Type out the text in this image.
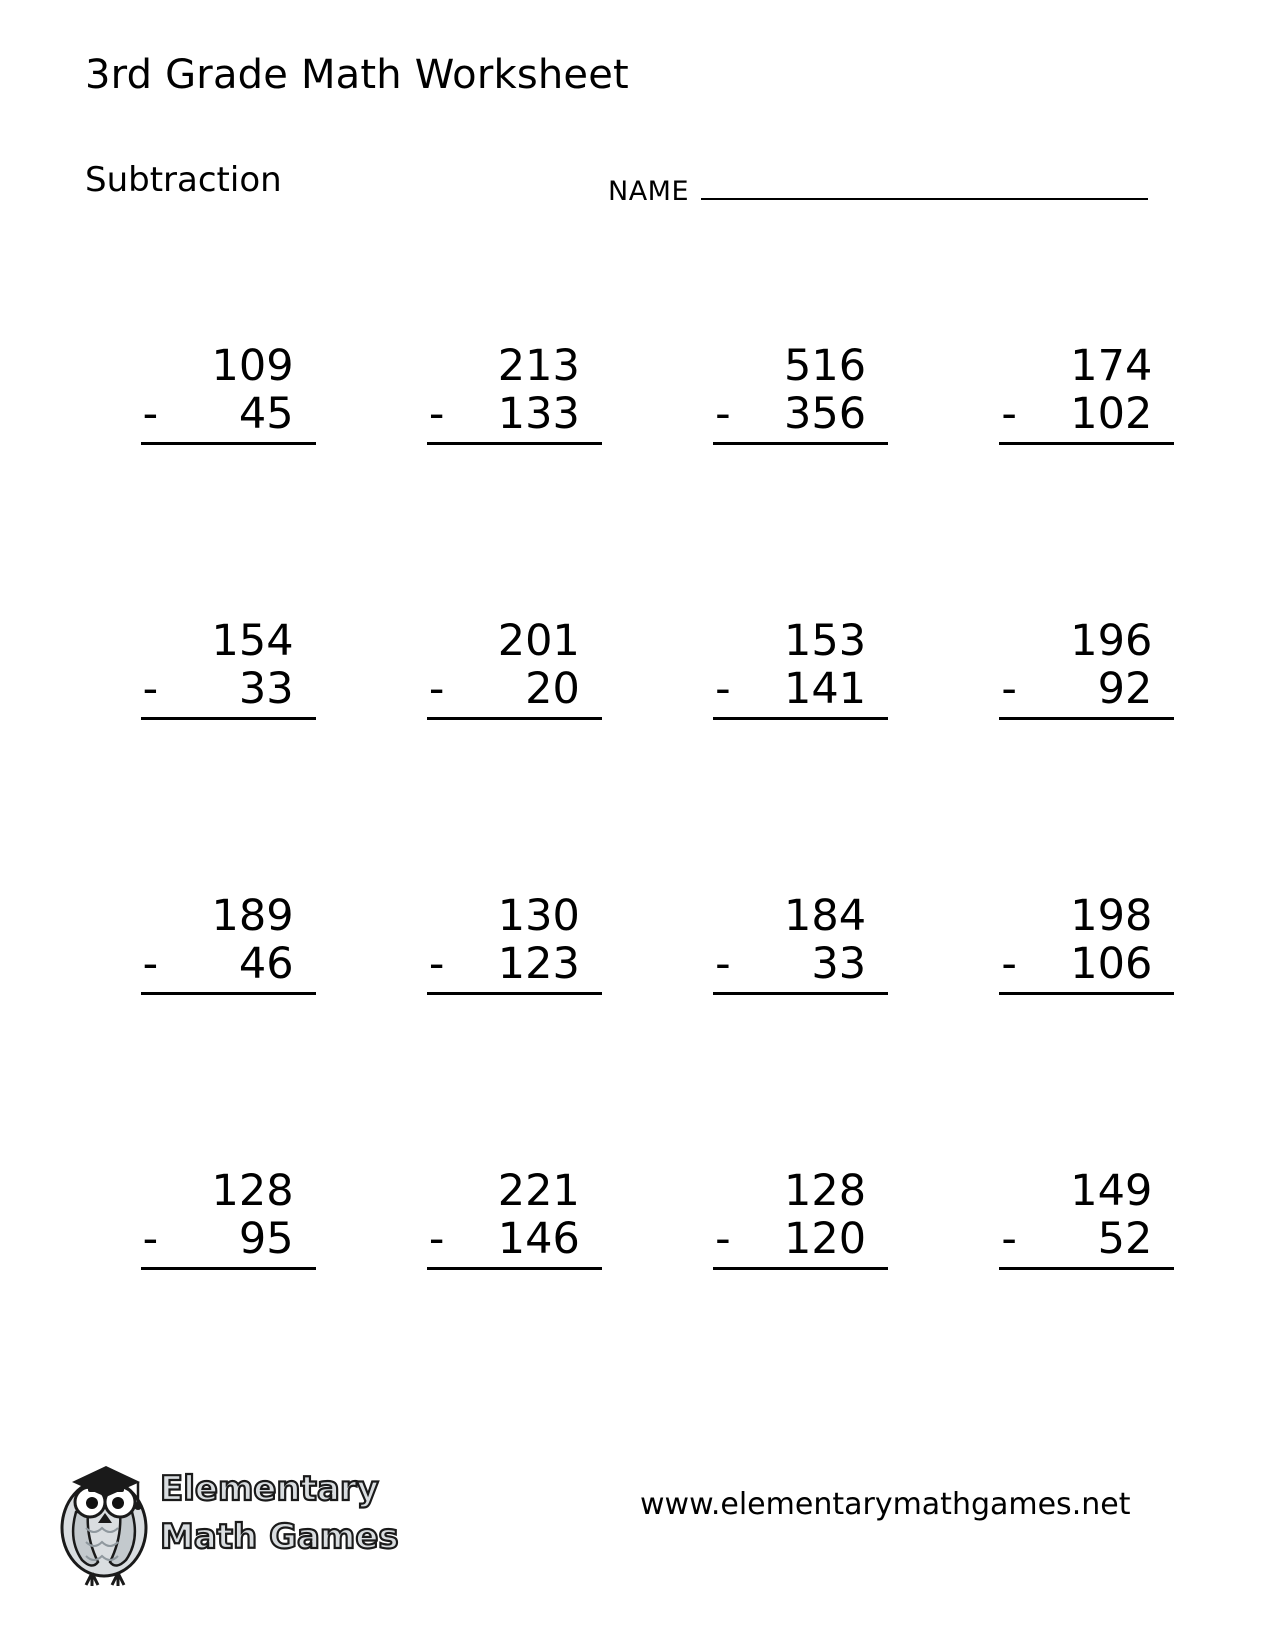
3rd Grade Math Worksheet
Subtraction	NAME
109
- 45
213
- 133
516
- 356
174
- 102
154
- 33
201
- 20
153
- 141
196
- 92
189
- 46
130
- 123
184
- 33
198
- 106
128
- 95
221
- 146
128
- 120
149
- 52
Elementary
Math Games
www.elementarymathgames.net
